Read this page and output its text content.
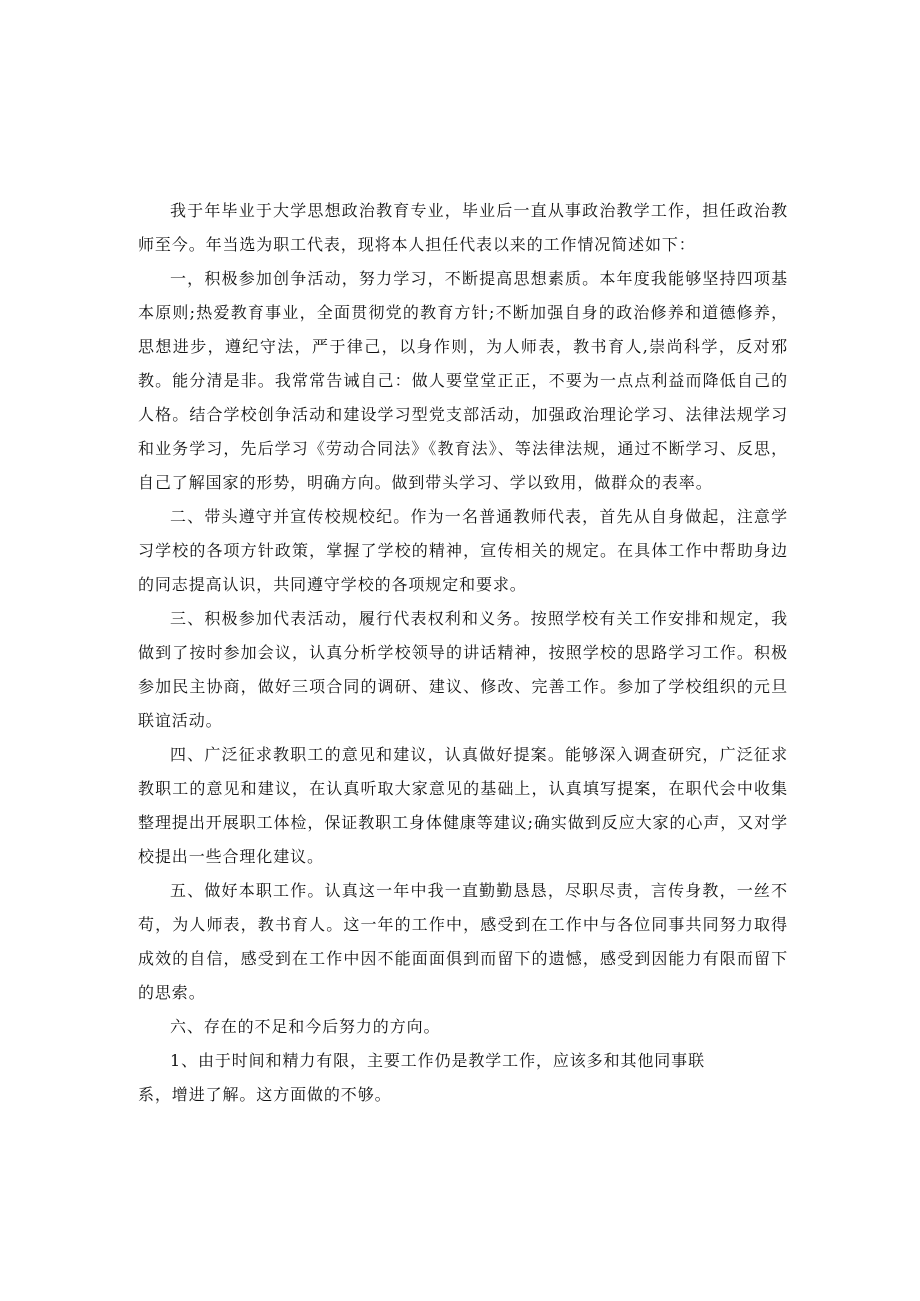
我于年毕业于大学思想政治教育专业，毕业后一直从事政治教学工作，担任政治教师至今。年当选为职工代表，现将本人担任代表以来的工作情况简述如下：

一，积极参加创争活动，努力学习，不断提高思想素质。本年度我能够坚持四项基本原则;热爱教育事业，全面贯彻党的教育方针;不断加强自身的政治修养和道德修养，思想进步，遵纪守法，严于律己，以身作则，为人师表，教书育人,崇尚科学，反对邪教。能分清是非。我常常告诫自己：做人要堂堂正正，不要为一点点利益而降低自己的人格。结合学校创争活动和建设学习型党支部活动，加强政治理论学习、法律法规学习和业务学习，先后学习《劳动合同法》《教育法》、等法律法规，通过不断学习、反思，自己了解国家的形势，明确方向。做到带头学习、学以致用，做群众的表率。

二、带头遵守并宣传校规校纪。作为一名普通教师代表，首先从自身做起，注意学习学校的各项方针政策，掌握了学校的精神，宣传相关的规定。在具体工作中帮助身边的同志提高认识，共同遵守学校的各项规定和要求。

三、积极参加代表活动，履行代表权利和义务。按照学校有关工作安排和规定，我做到了按时参加会议，认真分析学校领导的讲话精神，按照学校的思路学习工作。积极参加民主协商，做好三项合同的调研、建议、修改、完善工作。参加了学校组织的元旦联谊活动。

四、广泛征求教职工的意见和建议，认真做好提案。能够深入调查研究，广泛征求教职工的意见和建议，在认真听取大家意见的基础上，认真填写提案，在职代会中收集整理提出开展职工体检，保证教职工身体健康等建议;确实做到反应大家的心声，又对学校提出一些合理化建议。

五、做好本职工作。认真这一年中我一直勤勤恳恳，尽职尽责，言传身教，一丝不苟，为人师表，教书育人。这一年的工作中，感受到在工作中与各位同事共同努力取得成效的自信，感受到在工作中因不能面面俱到而留下的遗憾，感受到因能力有限而留下的思索。

六、存在的不足和今后努力的方向。

1、由于时间和精力有限，主要工作仍是教学工作，应该多和其他同事联系，增进了解。这方面做的不够。
